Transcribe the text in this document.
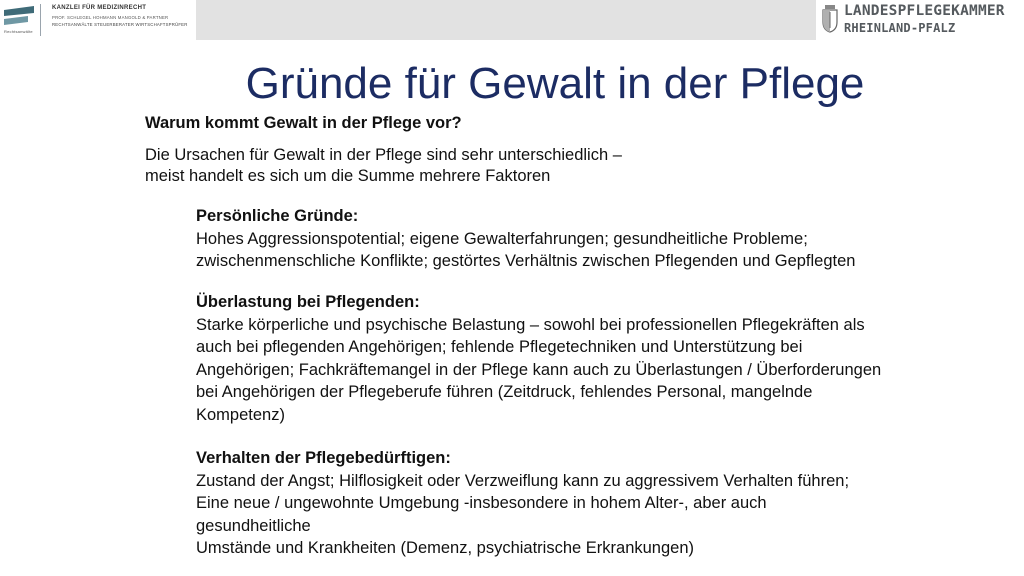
Rechtsanwälte
KANZLEI FÜR MEDIZINRECHT
PROF. SCHLEGEL HOHMANN MANGOLD & PARTNER
RECHTSANWÄLTE STEUERBERATER WIRTSCHAFTSPRÜFER
LANDESPFLEGEKAMMER
RHEINLAND-PFALZ
Gründe für Gewalt in der Pflege
Warum kommt Gewalt in der Pflege vor?
Die Ursachen für Gewalt in der Pflege sind sehr unterschiedlich –
meist handelt es sich um die Summe mehrere Faktoren
Persönliche Gründe:
Hohes Aggressionspotential; eigene Gewalterfahrungen; gesundheitliche Probleme;
zwischenmenschliche Konflikte; gestörtes Verhältnis zwischen Pflegenden und Gepflegten
Überlastung bei Pflegenden:
Starke körperliche und psychische Belastung – sowohl bei professionellen Pflegekräften als
auch bei pflegenden Angehörigen; fehlende Pflegetechniken und Unterstützung bei
Angehörigen; Fachkräftemangel in der Pflege kann auch zu Überlastungen / Überforderungen
bei Angehörigen der Pflegeberufe führen (Zeitdruck, fehlendes Personal, mangelnde
Kompetenz)
Verhalten der Pflegebedürftigen:
Zustand der Angst; Hilflosigkeit oder Verzweiflung kann zu aggressivem Verhalten führen;
Eine neue / ungewohnte Umgebung -insbesondere in hohem Alter-, aber auch
gesundheitliche
Umstände und Krankheiten (Demenz, psychiatrische Erkrankungen)
